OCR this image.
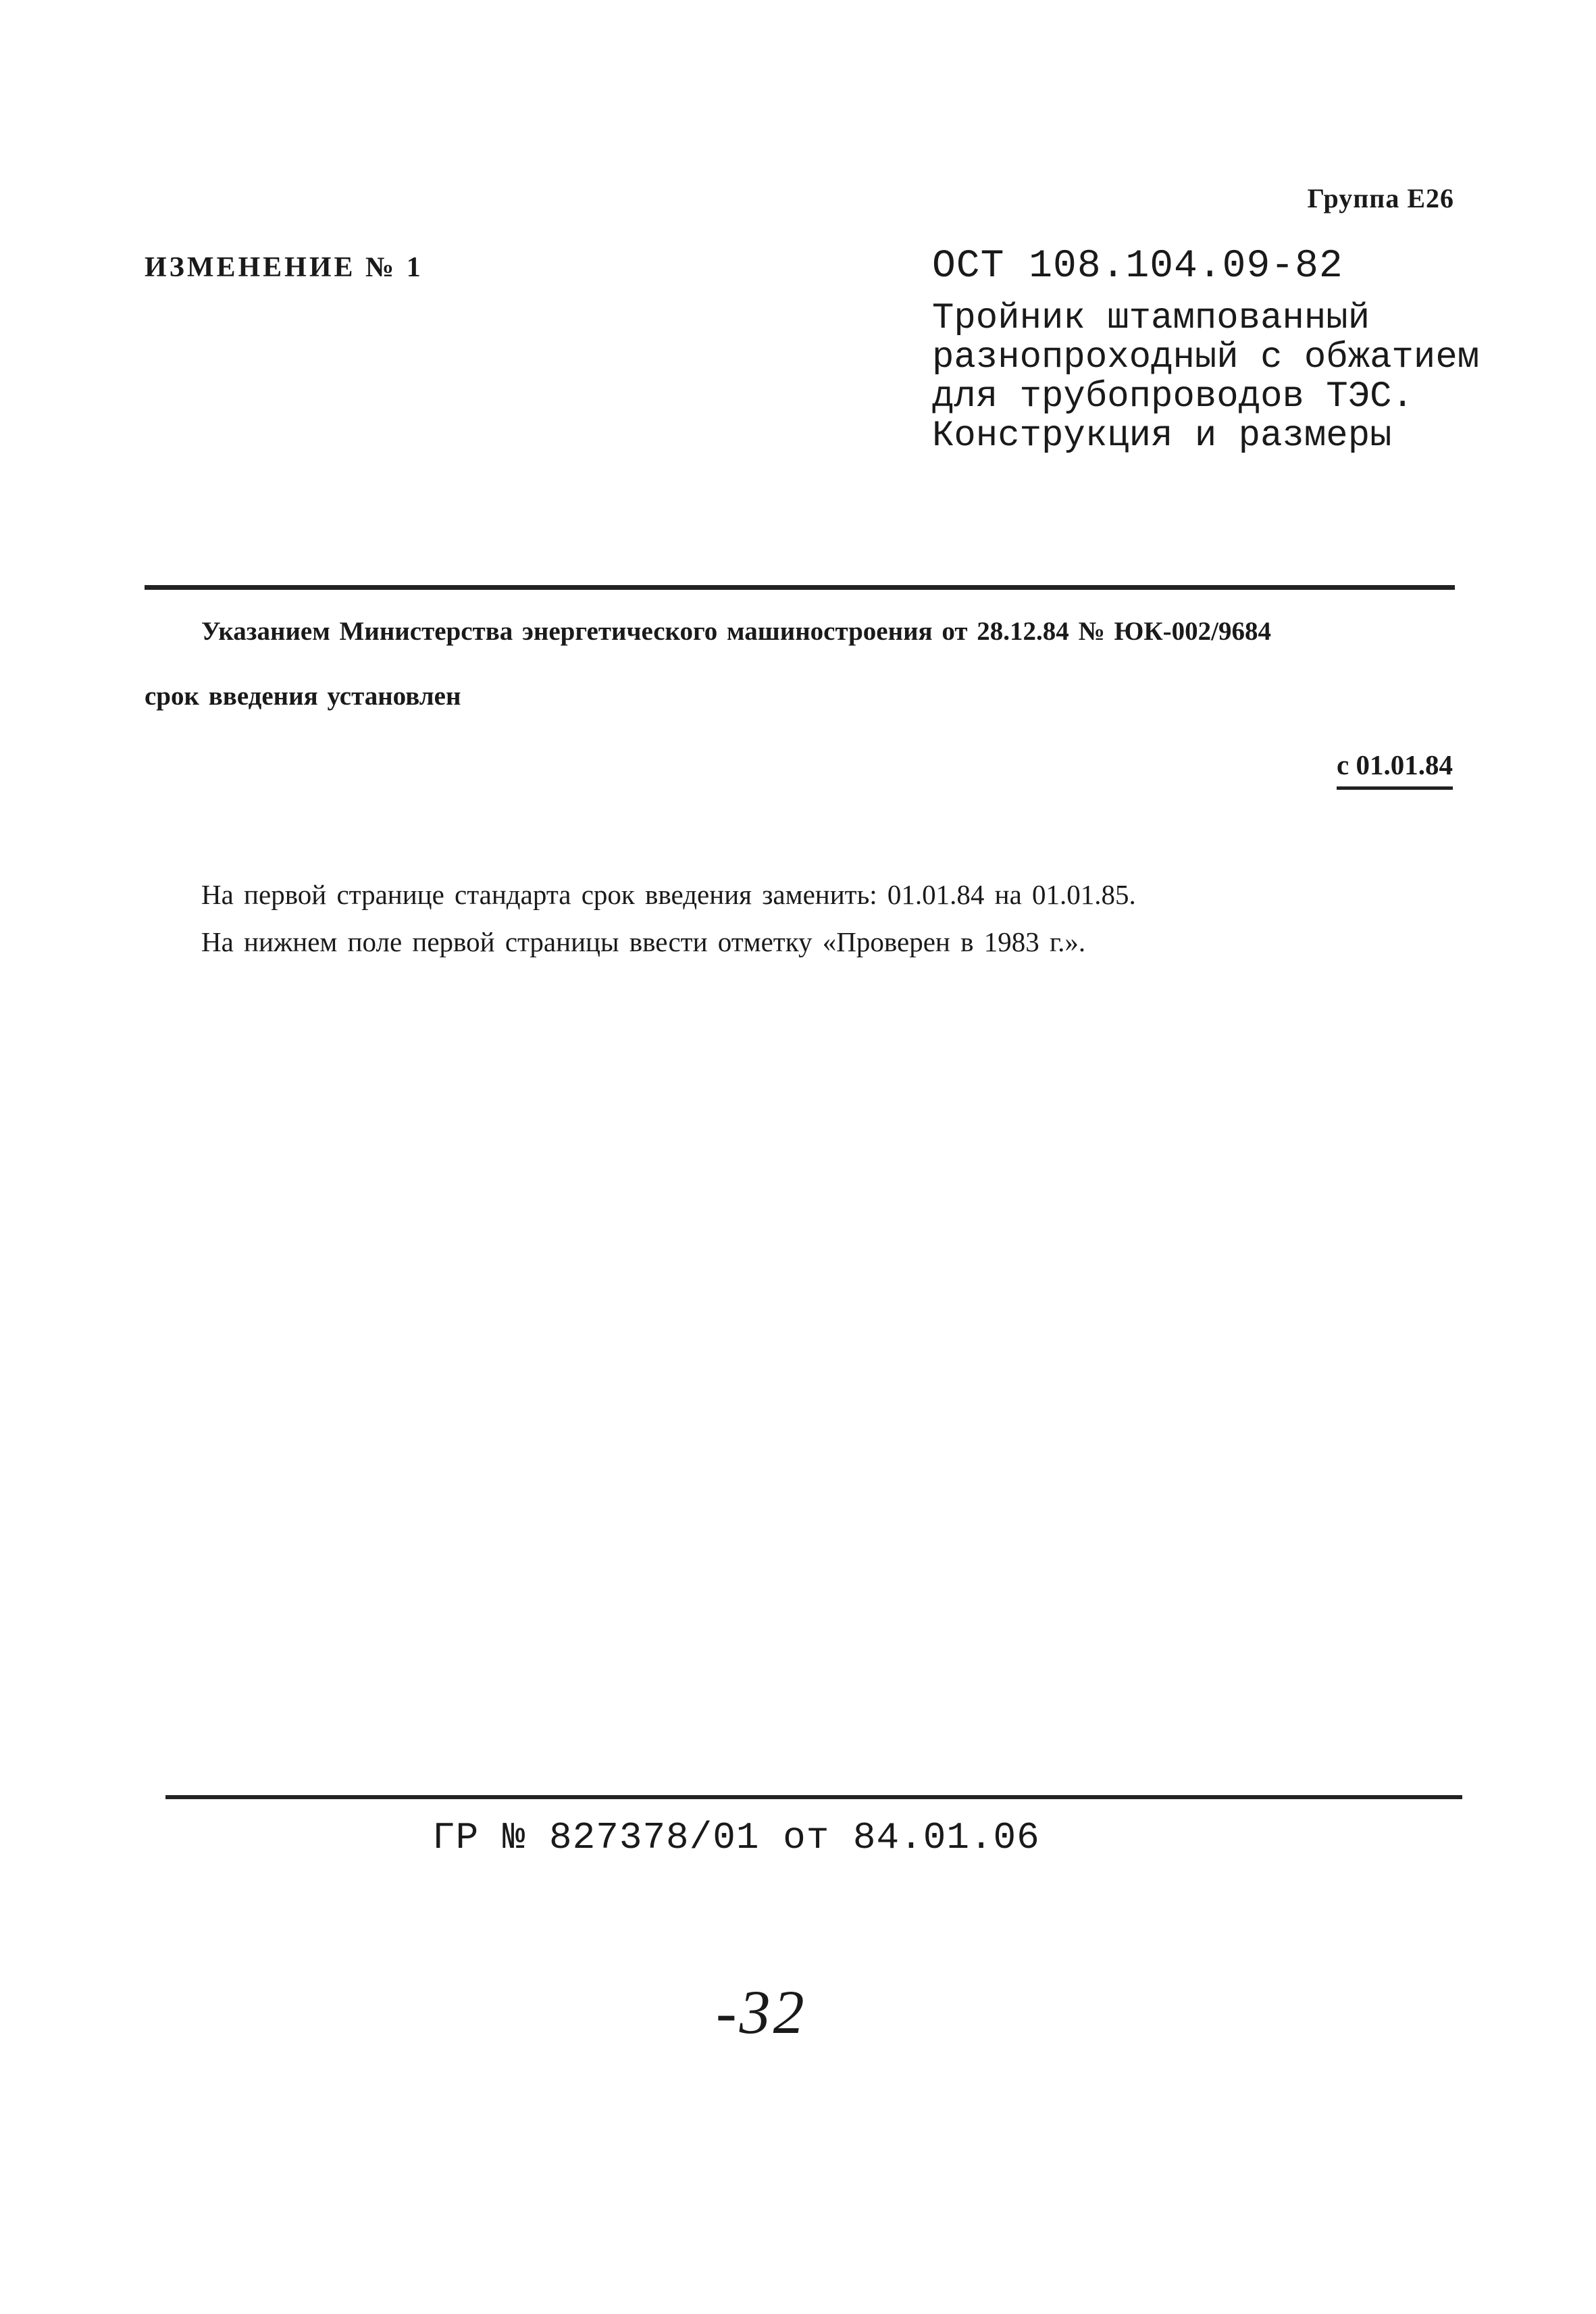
Группа Е26
ИЗМЕНЕНИЕ № 1	ОСТ 108.104.09-82
Тройник штампованный
разнопроходный с обжатием
для трубопроводов ТЭС.
Конструкция и размеры
Указанием Министерства энергетического машиностроения от 28.12.84 № ЮК-002/9684
срок введения установлен
с 01.01.84
На первой странице стандарта срок введения заменить: 01.01.84 на 01.01.85.
На нижнем поле первой страницы ввести отметку «Проверен в 1983 г.».
ГР № 827378/01 от 84.01.06
-32
